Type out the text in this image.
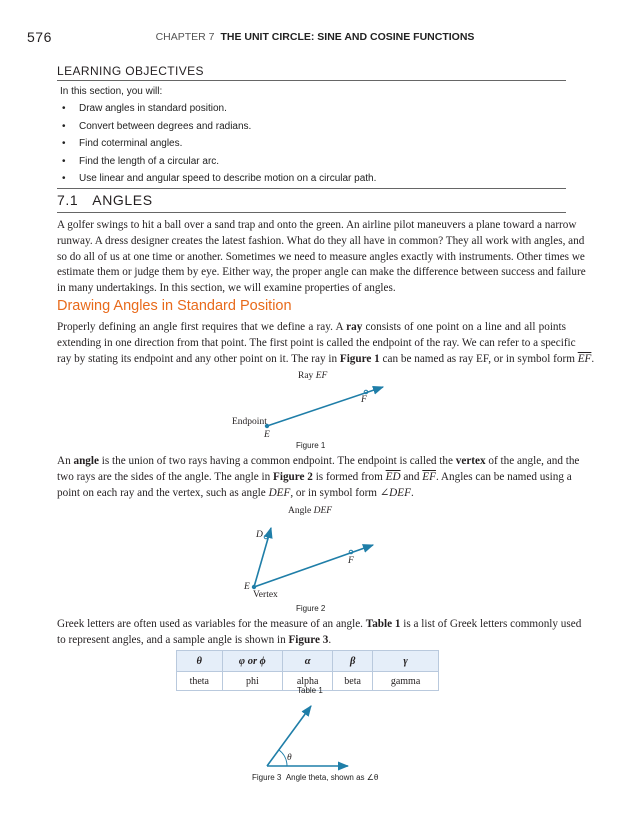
576	CHAPTER 7 THE UNIT CIRCLE: SINE AND COSINE FUNCTIONS
LEARNING OBJECTIVES
In this section, you will:
• Draw angles in standard position.
• Convert between degrees and radians.
• Find coterminal angles.
• Find the length of a circular arc.
• Use linear and angular speed to describe motion on a circular path.
7.1 ANGLES
A golfer swings to hit a ball over a sand trap and onto the green. An airline pilot maneuvers a plane toward a narrow
runway. A dress designer creates the latest fashion. What do they all have in common? They all work with angles, and
so do all of us at one time or another. Sometimes we need to measure angles exactly with instruments. Other times we
estimate them or judge them by eye. Either way, the proper angle can make the difference between success and failure
in many undertakings. In this section, we will examine properties of angles.
Drawing Angles in Standard Position
Properly defining an angle first requires that we define a ray. A ray consists of one point on a line and all points
extending in one direction from that point. The first point is called the endpoint of the ray. We can refer to a specific
ray by stating its endpoint and any other point on it. The ray in Figure 1 can be named as ray EF, or in symbol form $\overline{EF}$.
Ray EF
F
Endpoint
E
Figure 1
An angle is the union of two rays having a common endpoint. The endpoint is called the vertex of the angle, and the
two rays are the sides of the angle. The angle in Figure 2 is formed from $\overline{ED}$ and $\overline{EF}$. Angles can be named using a
point on each ray and the vertex, such as angle DEF, or in symbol form ∠DEF.
Angle DEF
D
F
E
Vertex
Figure 2
Greek letters are often used as variables for the measure of an angle. Table 1 is a list of Greek letters commonly used
to represent angles, and a sample angle is shown in Figure 3.
θ	φ or ϕ	α	β	γ
theta	phi	alpha	beta	gamma
Table 1
θ
Figure 3 Angle theta, shown as ∠θ
